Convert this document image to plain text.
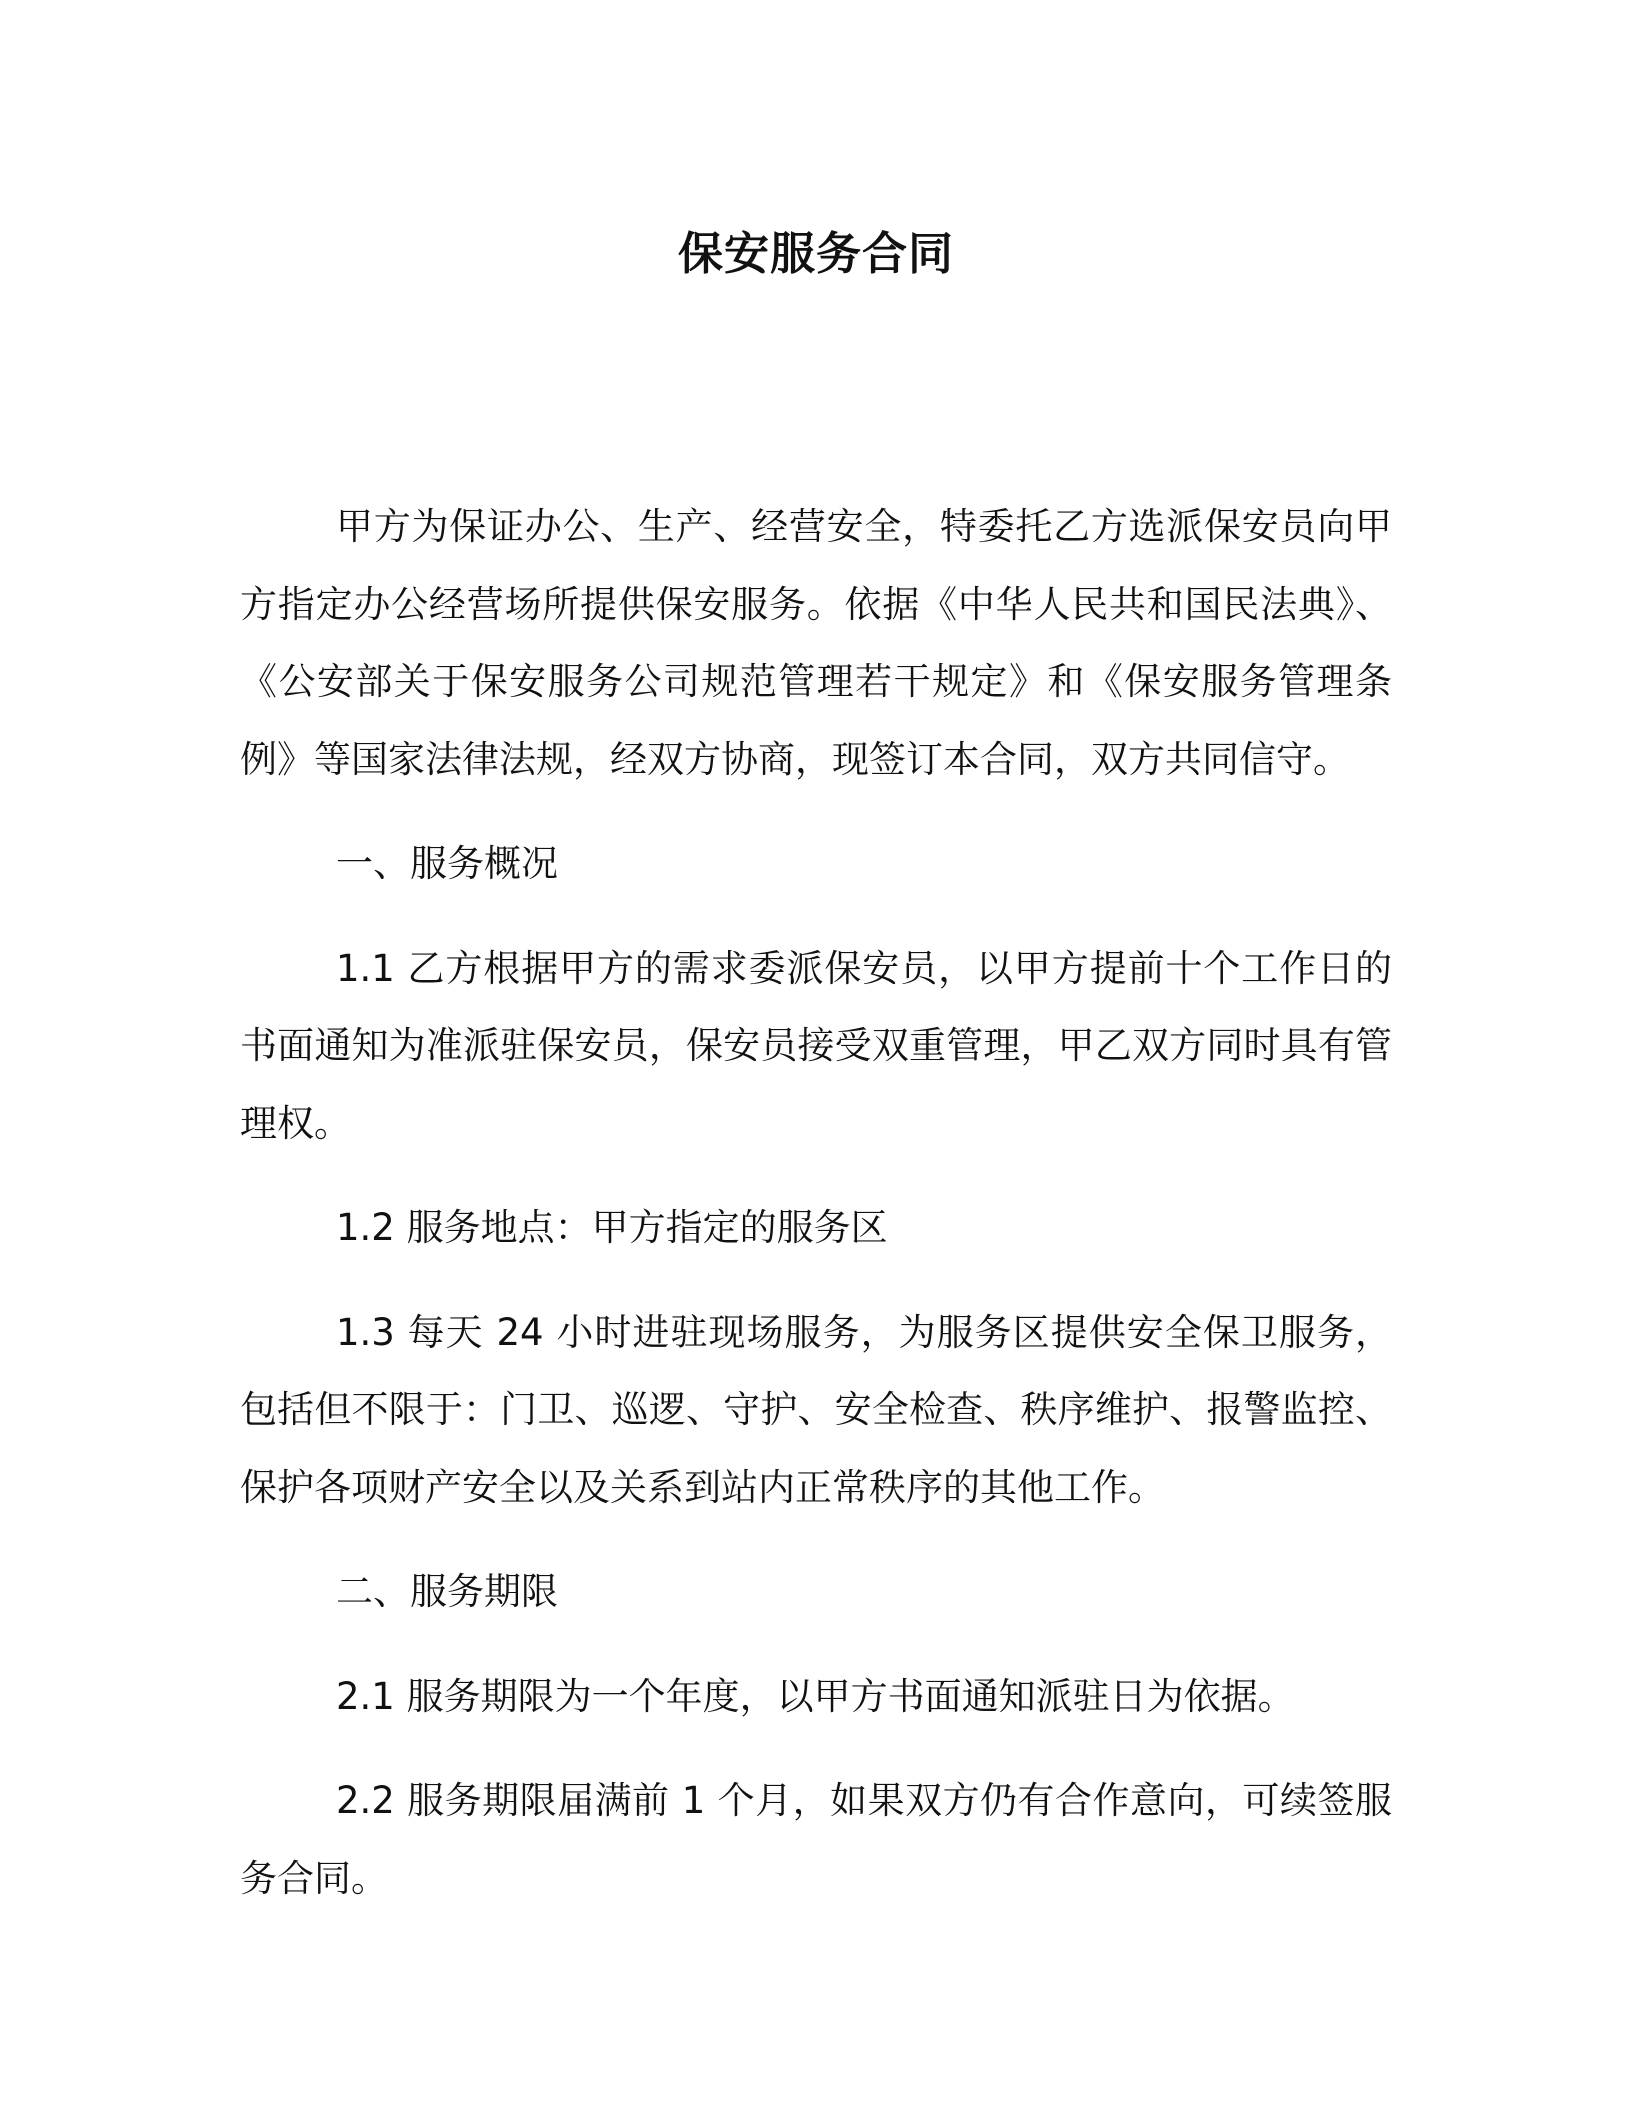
保安服务合同

甲方为保证办公、生产、经营安全，特委托乙方选派保安员向甲方指定办公经营场所提供保安服务。依据《中华人民共和国民法典》、《公安部关于保安服务公司规范管理若干规定》和《保安服务管理条例》等国家法律法规，经双方协商，现签订本合同，双方共同信守。

一、服务概况

1.1 乙方根据甲方的需求委派保安员，以甲方提前十个工作日的书面通知为准派驻保安员，保安员接受双重管理，甲乙双方同时具有管理权。

1.2 服务地点：甲方指定的服务区

1.3 每天 24 小时进驻现场服务，为服务区提供安全保卫服务，包括但不限于：门卫、巡逻、守护、安全检查、秩序维护、报警监控、保护各项财产安全以及关系到站内正常秩序的其他工作。

二、服务期限

2.1 服务期限为一个年度，以甲方书面通知派驻日为依据。

2.2 服务期限届满前 1 个月，如果双方仍有合作意向，可续签服务合同。
